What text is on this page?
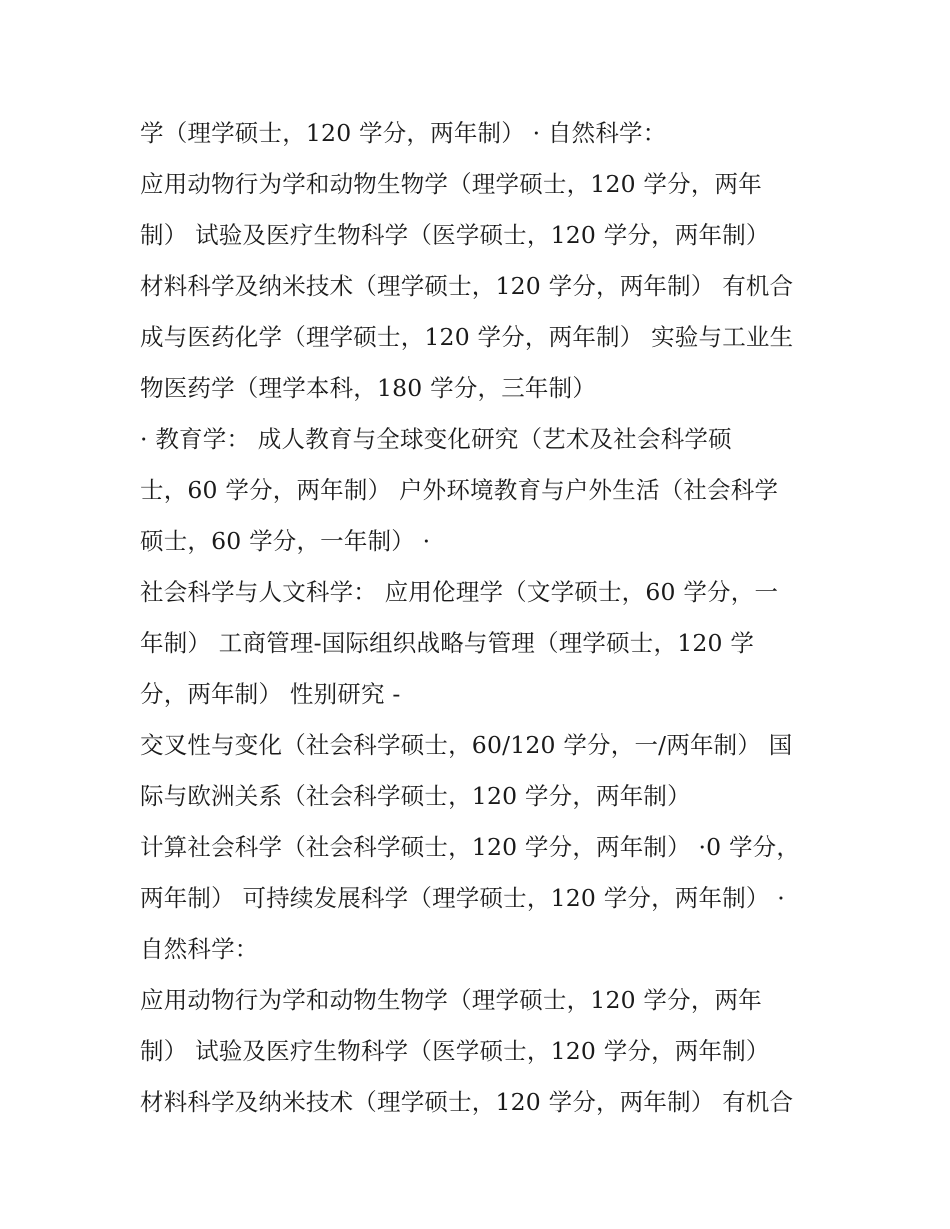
学（理学硕士，120 学分，两年制） · 自然科学：
应用动物行为学和动物生物学（理学硕士，120 学分，两年
制） 试验及医疗生物科学（医学硕士，120 学分，两年制）
材料科学及纳米技术（理学硕士，120 学分，两年制） 有机合
成与医药化学（理学硕士，120 学分，两年制） 实验与工业生
物医药学（理学本科，180 学分，三年制）
· 教育学： 成人教育与全球变化研究（艺术及社会科学硕
士，60 学分，两年制） 户外环境教育与户外生活（社会科学
硕士，60 学分，一年制） ·
社会科学与人文科学： 应用伦理学（文学硕士，60 学分，一
年制） 工商管理-国际组织战略与管理（理学硕士，120 学
分，两年制） 性别研究 -
交叉性与变化（社会科学硕士，60/120 学分，一/两年制） 国
际与欧洲关系（社会科学硕士，120 学分，两年制）
计算社会科学（社会科学硕士，120 学分，两年制） ·0 学分，
两年制） 可持续发展科学（理学硕士，120 学分，两年制） ·
自然科学：
应用动物行为学和动物生物学（理学硕士，120 学分，两年
制） 试验及医疗生物科学（医学硕士，120 学分，两年制）
材料科学及纳米技术（理学硕士，120 学分，两年制） 有机合
